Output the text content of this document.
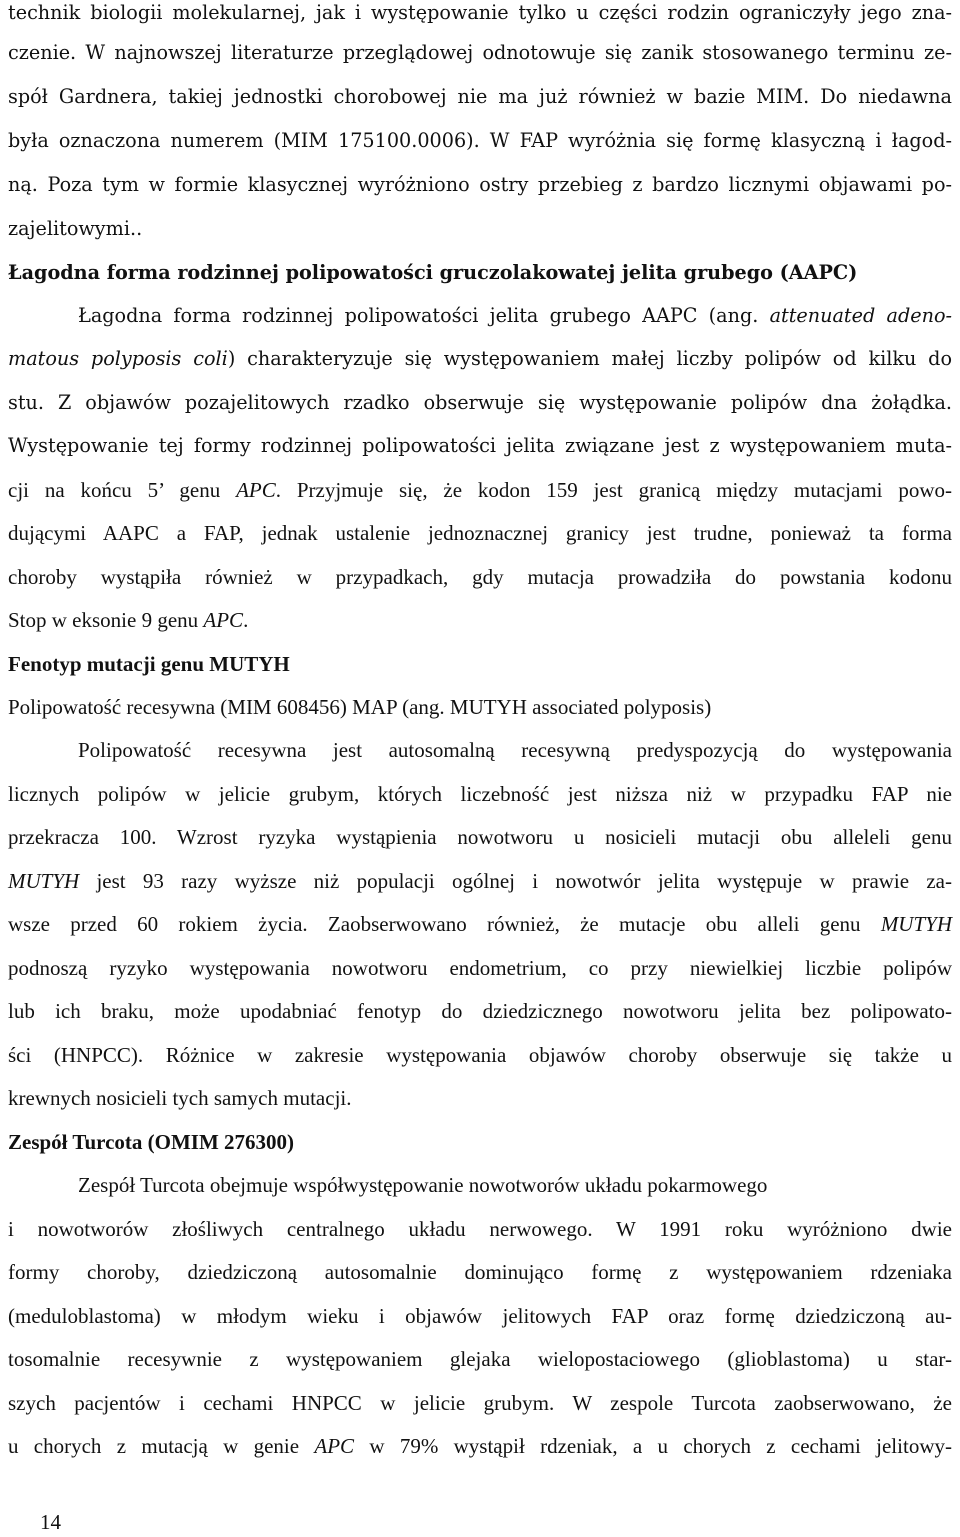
technik biologii molekularnej, jak i występowanie tylko u części rodzin ograniczyły jego zna-
czenie. W najnowszej literaturze przeglądowej odnotowuje się zanik stosowanego terminu ze-
spół Gardnera, takiej jednostki chorobowej nie ma już również w bazie MIM. Do niedawna
była oznaczona numerem (MIM 175100.0006). W FAP wyróżnia się formę klasyczną i łagod-
ną. Poza tym w formie klasycznej wyróżniono ostry przebieg z bardzo licznymi objawami po-
zajelitowymi..
Łagodna forma rodzinnej polipowatości gruczolakowatej jelita grubego (AAPC)
Łagodna forma rodzinnej polipowatości jelita grubego AAPC (ang. attenuated adeno-
matous polyposis coli) charakteryzuje się występowaniem małej liczby polipów od kilku do
stu. Z objawów pozajelitowych rzadko obserwuje się występowanie polipów dna żołądka.
Występowanie tej formy rodzinnej polipowatości jelita związane jest z występowaniem muta-
cji na końcu 5’ genu APC. Przyjmuje się, że kodon 159 jest granicą między mutacjami powo-
dującymi AAPC a FAP, jednak ustalenie jednoznacznej granicy jest trudne, ponieważ ta forma
choroby wystąpiła również w przypadkach, gdy mutacja prowadziła do powstania kodonu
Stop w eksonie 9 genu APC.
Fenotyp mutacji genu MUTYH
Polipowatość recesywna (MIM 608456) MAP (ang. MUTYH associated polyposis)
Polipowatość recesywna jest autosomalną recesywną predyspozycją do występowania
licznych polipów w jelicie grubym, których liczebność jest niższa niż w przypadku FAP nie
przekracza 100. Wzrost ryzyka wystąpienia nowotworu u nosicieli mutacji obu alleleli genu
MUTYH jest 93 razy wyższe niż populacji ogólnej i nowotwór jelita występuje w prawie za-
wsze przed 60 rokiem życia. Zaobserwowano również, że mutacje obu alleli genu MUTYH
podnoszą ryzyko występowania nowotworu endometrium, co przy niewielkiej liczbie polipów
lub ich braku, może upodabniać fenotyp do dziedzicznego nowotworu jelita bez polipowato-
ści (HNPCC). Różnice w zakresie występowania objawów choroby obserwuje się także u
krewnych nosicieli tych samych mutacji.
Zespół Turcota (OMIM 276300)
Zespół Turcota obejmuje współwystępowanie nowotworów układu pokarmowego
i nowotworów złośliwych centralnego układu nerwowego. W 1991 roku wyróżniono dwie
formy choroby, dziedziczoną autosomalnie dominująco formę z występowaniem rdzeniaka
(meduloblastoma) w młodym wieku i objawów jelitowych FAP oraz formę dziedziczoną au-
tosomalnie recesywnie z występowaniem glejaka wielopostaciowego (glioblastoma) u star-
szych pacjentów i cechami HNPCC w jelicie grubym. W zespole Turcota zaobserwowano, że
u chorych z mutacją w genie APC w 79% wystąpił rdzeniak, a u chorych z cechami jelitowy-
14
